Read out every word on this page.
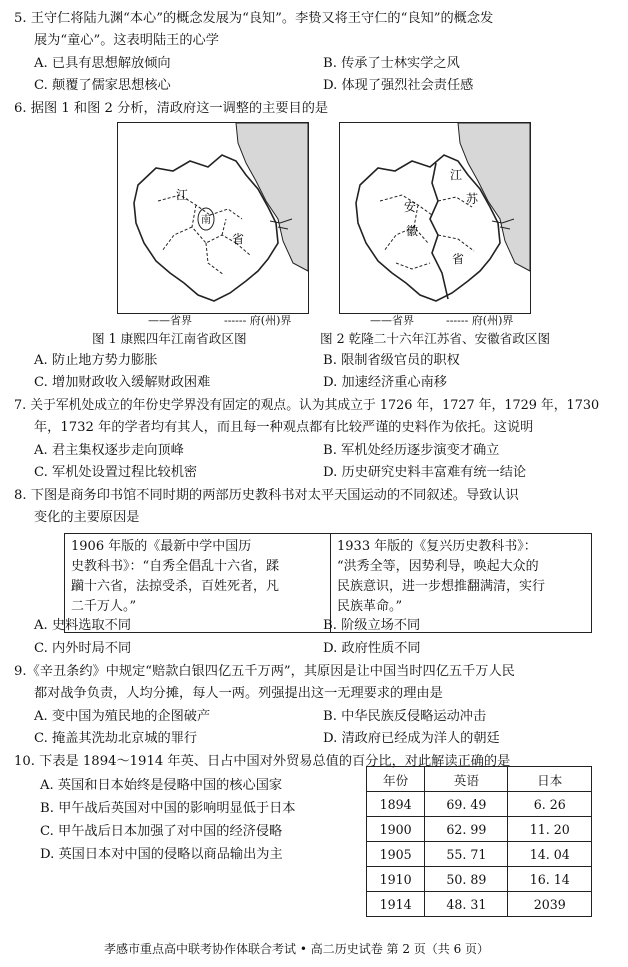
5. 王守仁将陆九渊“本心”的概念发展为“良知”。李贽又将王守仁的“良知”的概念发
展为“童心”。这表明陆王的心学
A. 已具有思想解放倾向	B. 传承了士林实学之风
C. 颠覆了儒家思想核心	D. 体现了强烈社会责任感
6. 据图 1 和图 2 分析，清政府这一调整的主要目的是
江
南
省
江
苏
安
徽
省
——省界	------ 府(州)界	——省界	------ 府(州)界
图 1 康熙四年江南省政区图	图 2 乾隆二十六年江苏省、安徽省政区图
A. 防止地方势力膨胀	B. 限制省级官员的职权
C. 增加财政收入缓解财政困难	D. 加速经济重心南移
7. 关于军机处成立的年份史学界没有固定的观点。认为其成立于 1726 年，1727 年，1729 年，1730
年，1732 年的学者均有其人，而且每一种观点都有比较严谨的史料作为依托。这说明
A. 君主集权逐步走向顶峰	B. 军机处经历逐步演变才确立
C. 军机处设置过程比较机密	D. 历史研究史料丰富难有统一结论
8. 下图是商务印书馆不同时期的两部历史教科书对太平天国运动的不同叙述。导致认识
变化的主要原因是
1906 年版的《最新中学中国历
史教科书》：“自秀全倡乱十六省，蹂
躏十六省，法掠受杀，百姓死者，凡
二千万人。”
1933 年版的《复兴历史教科书》：
“洪秀全等，因势利导，唤起大众的
民族意识，进一步想推翻满清，实行
民族革命。”
A. 史料选取不同	B. 阶级立场不同
C. 内外时局不同	D. 政府性质不同
9.《辛丑条约》中规定“赔款白银四亿五千万两”，其原因是让中国当时四亿五千万人民
都对战争负责，人均分摊，每人一两。列强提出这一无理要求的理由是
A. 变中国为殖民地的企图破产	B. 中华民族反侵略运动冲击
C. 掩盖其洗劫北京城的罪行	D. 清政府已经成为洋人的朝廷
10. 下表是 1894～1914 年英、日占中国对外贸易总值的百分比，对此解读正确的是
A. 英国和日本始终是侵略中国的核心国家
B. 甲午战后英国对中国的影响明显低于日本
C. 甲午战后日本加强了对中国的经济侵略
D. 英国日本对中国的侵略以商品输出为主
年份	英语	日本
1894	69. 49	6. 26
1900	62. 99	11. 20
1905	55. 71	14. 04
1910	50. 89	16. 14
1914	48. 31	2039
孝感市重点高中联考协作体联合考试 • 高二历史试卷 第 2 页（共 6 页）
